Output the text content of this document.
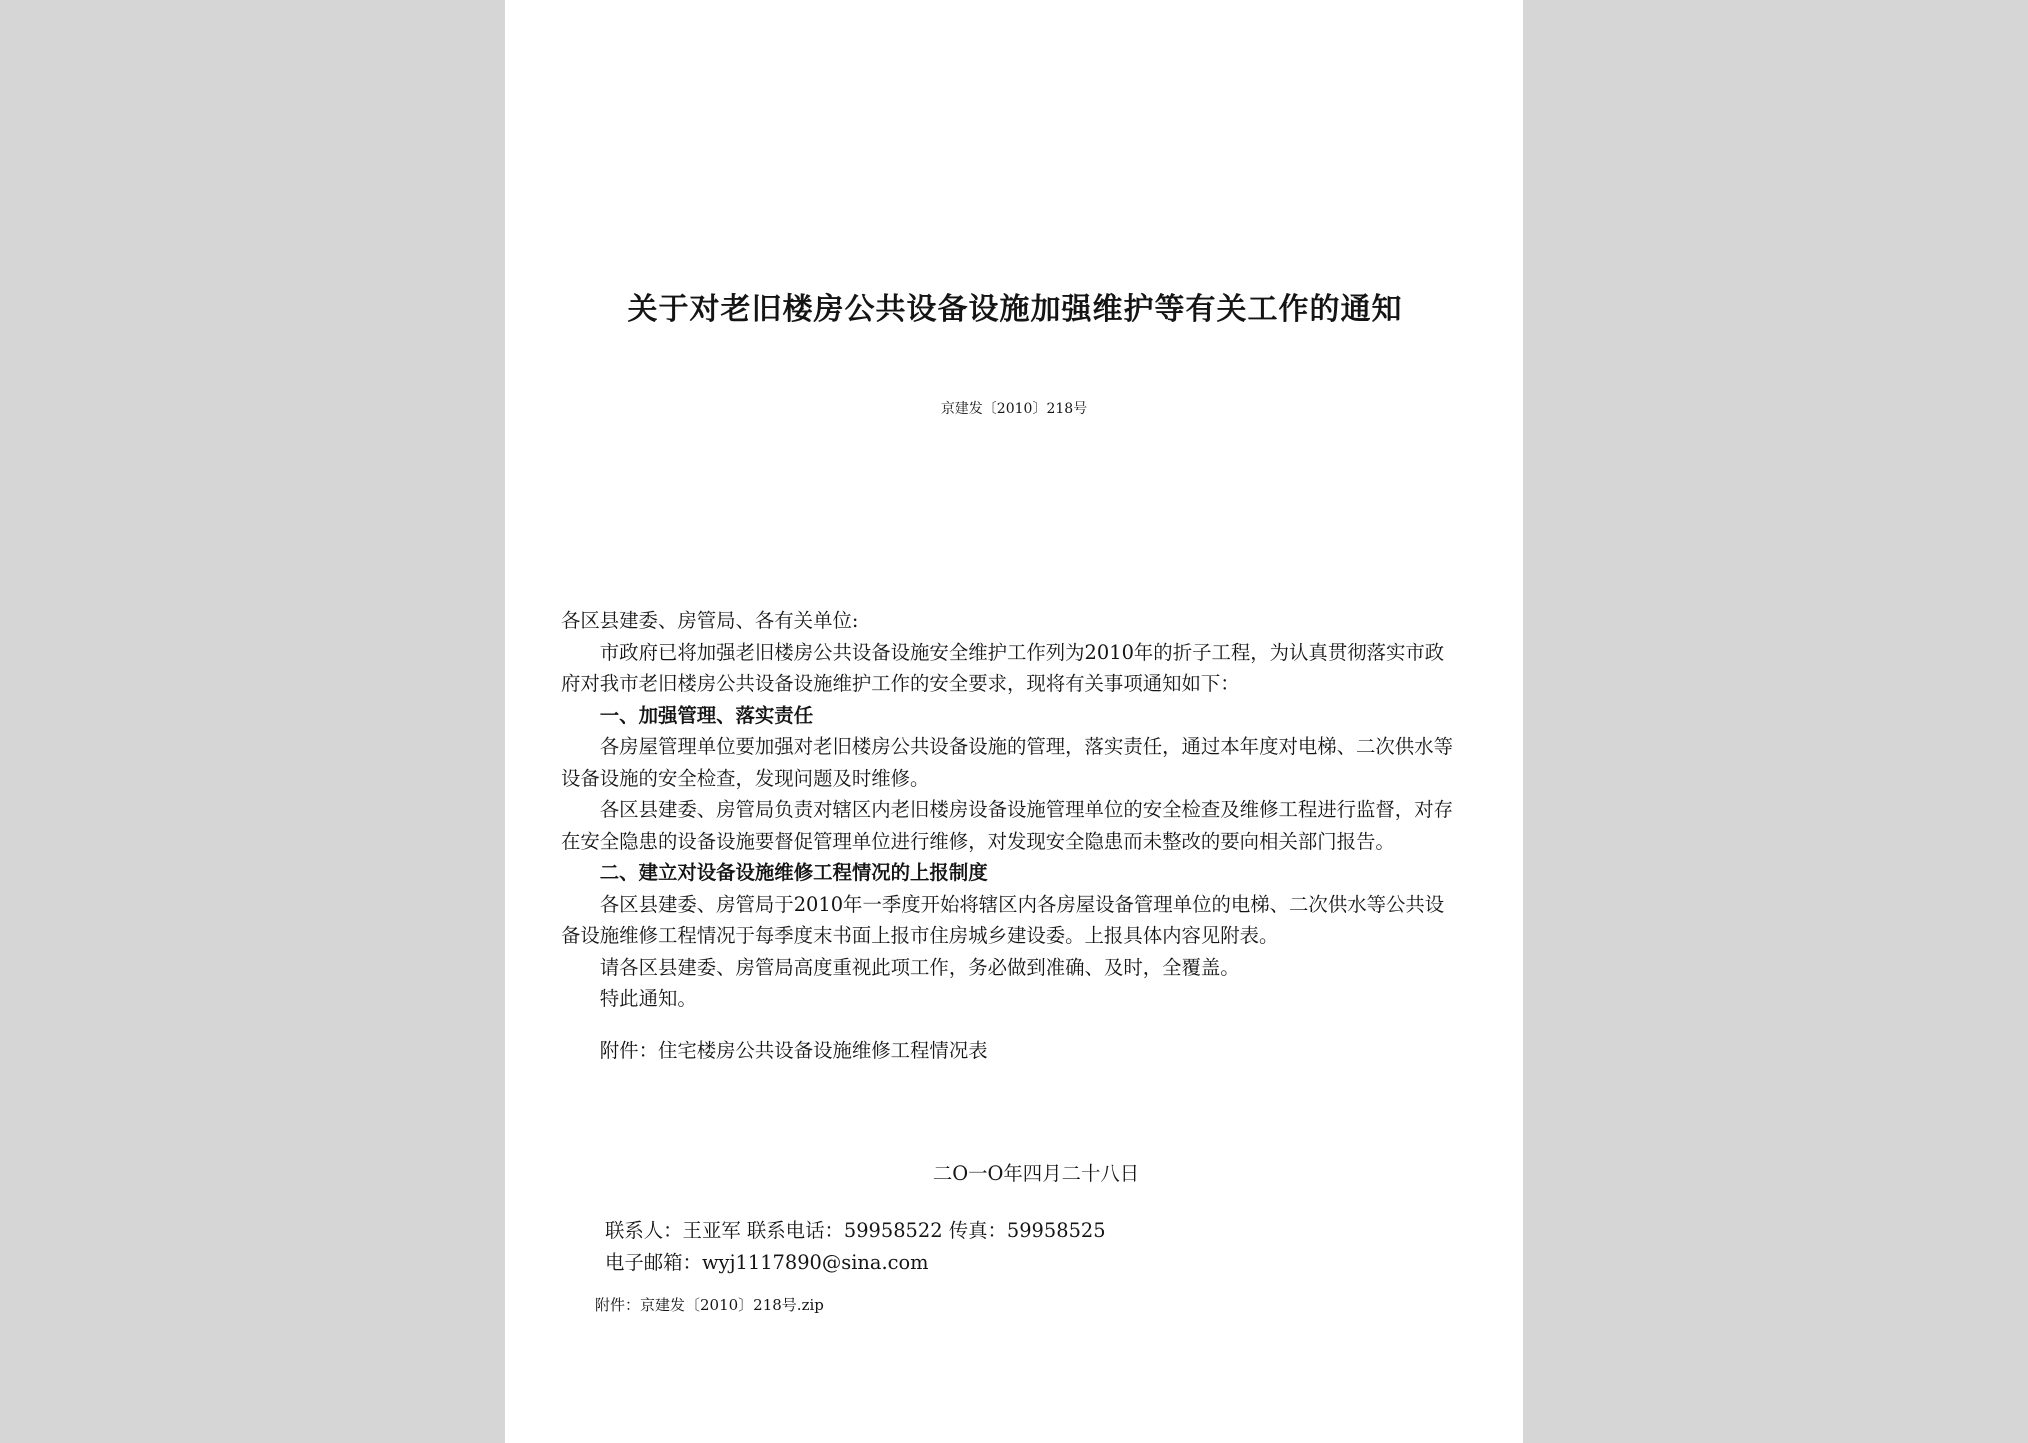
关于对老旧楼房公共设备设施加强维护等有关工作的通知
京建发〔2010〕218号

各区县建委、房管局、各有关单位:

市政府已将加强老旧楼房公共设备设施安全维护工作列为2010年的折子工程，为认真贯彻落实市政府对我市老旧楼房公共设备设施维护工作的安全要求，现将有关事项通知如下：

一、加强管理、落实责任

各房屋管理单位要加强对老旧楼房公共设备设施的管理，落实责任，通过本年度对电梯、二次供水等设备设施的安全检查，发现问题及时维修。

各区县建委、房管局负责对辖区内老旧楼房设备设施管理单位的安全检查及维修工程进行监督，对存在安全隐患的设备设施要督促管理单位进行维修，对发现安全隐患而未整改的要向相关部门报告。

二、建立对设备设施维修工程情况的上报制度

各区县建委、房管局于2010年一季度开始将辖区内各房屋设备管理单位的电梯、二次供水等公共设备设施维修工程情况于每季度末书面上报市住房城乡建设委。上报具体内容见附表。

请各区县建委、房管局高度重视此项工作，务必做到准确、及时，全覆盖。

特此通知。

附件：住宅楼房公共设备设施维修工程情况表

二O一O年四月二十八日

联系人：王亚军 联系电话：59958522 传真：59958525

电子邮箱：wyj1117890@sina.com

附件：京建发〔2010〕218号.zip
